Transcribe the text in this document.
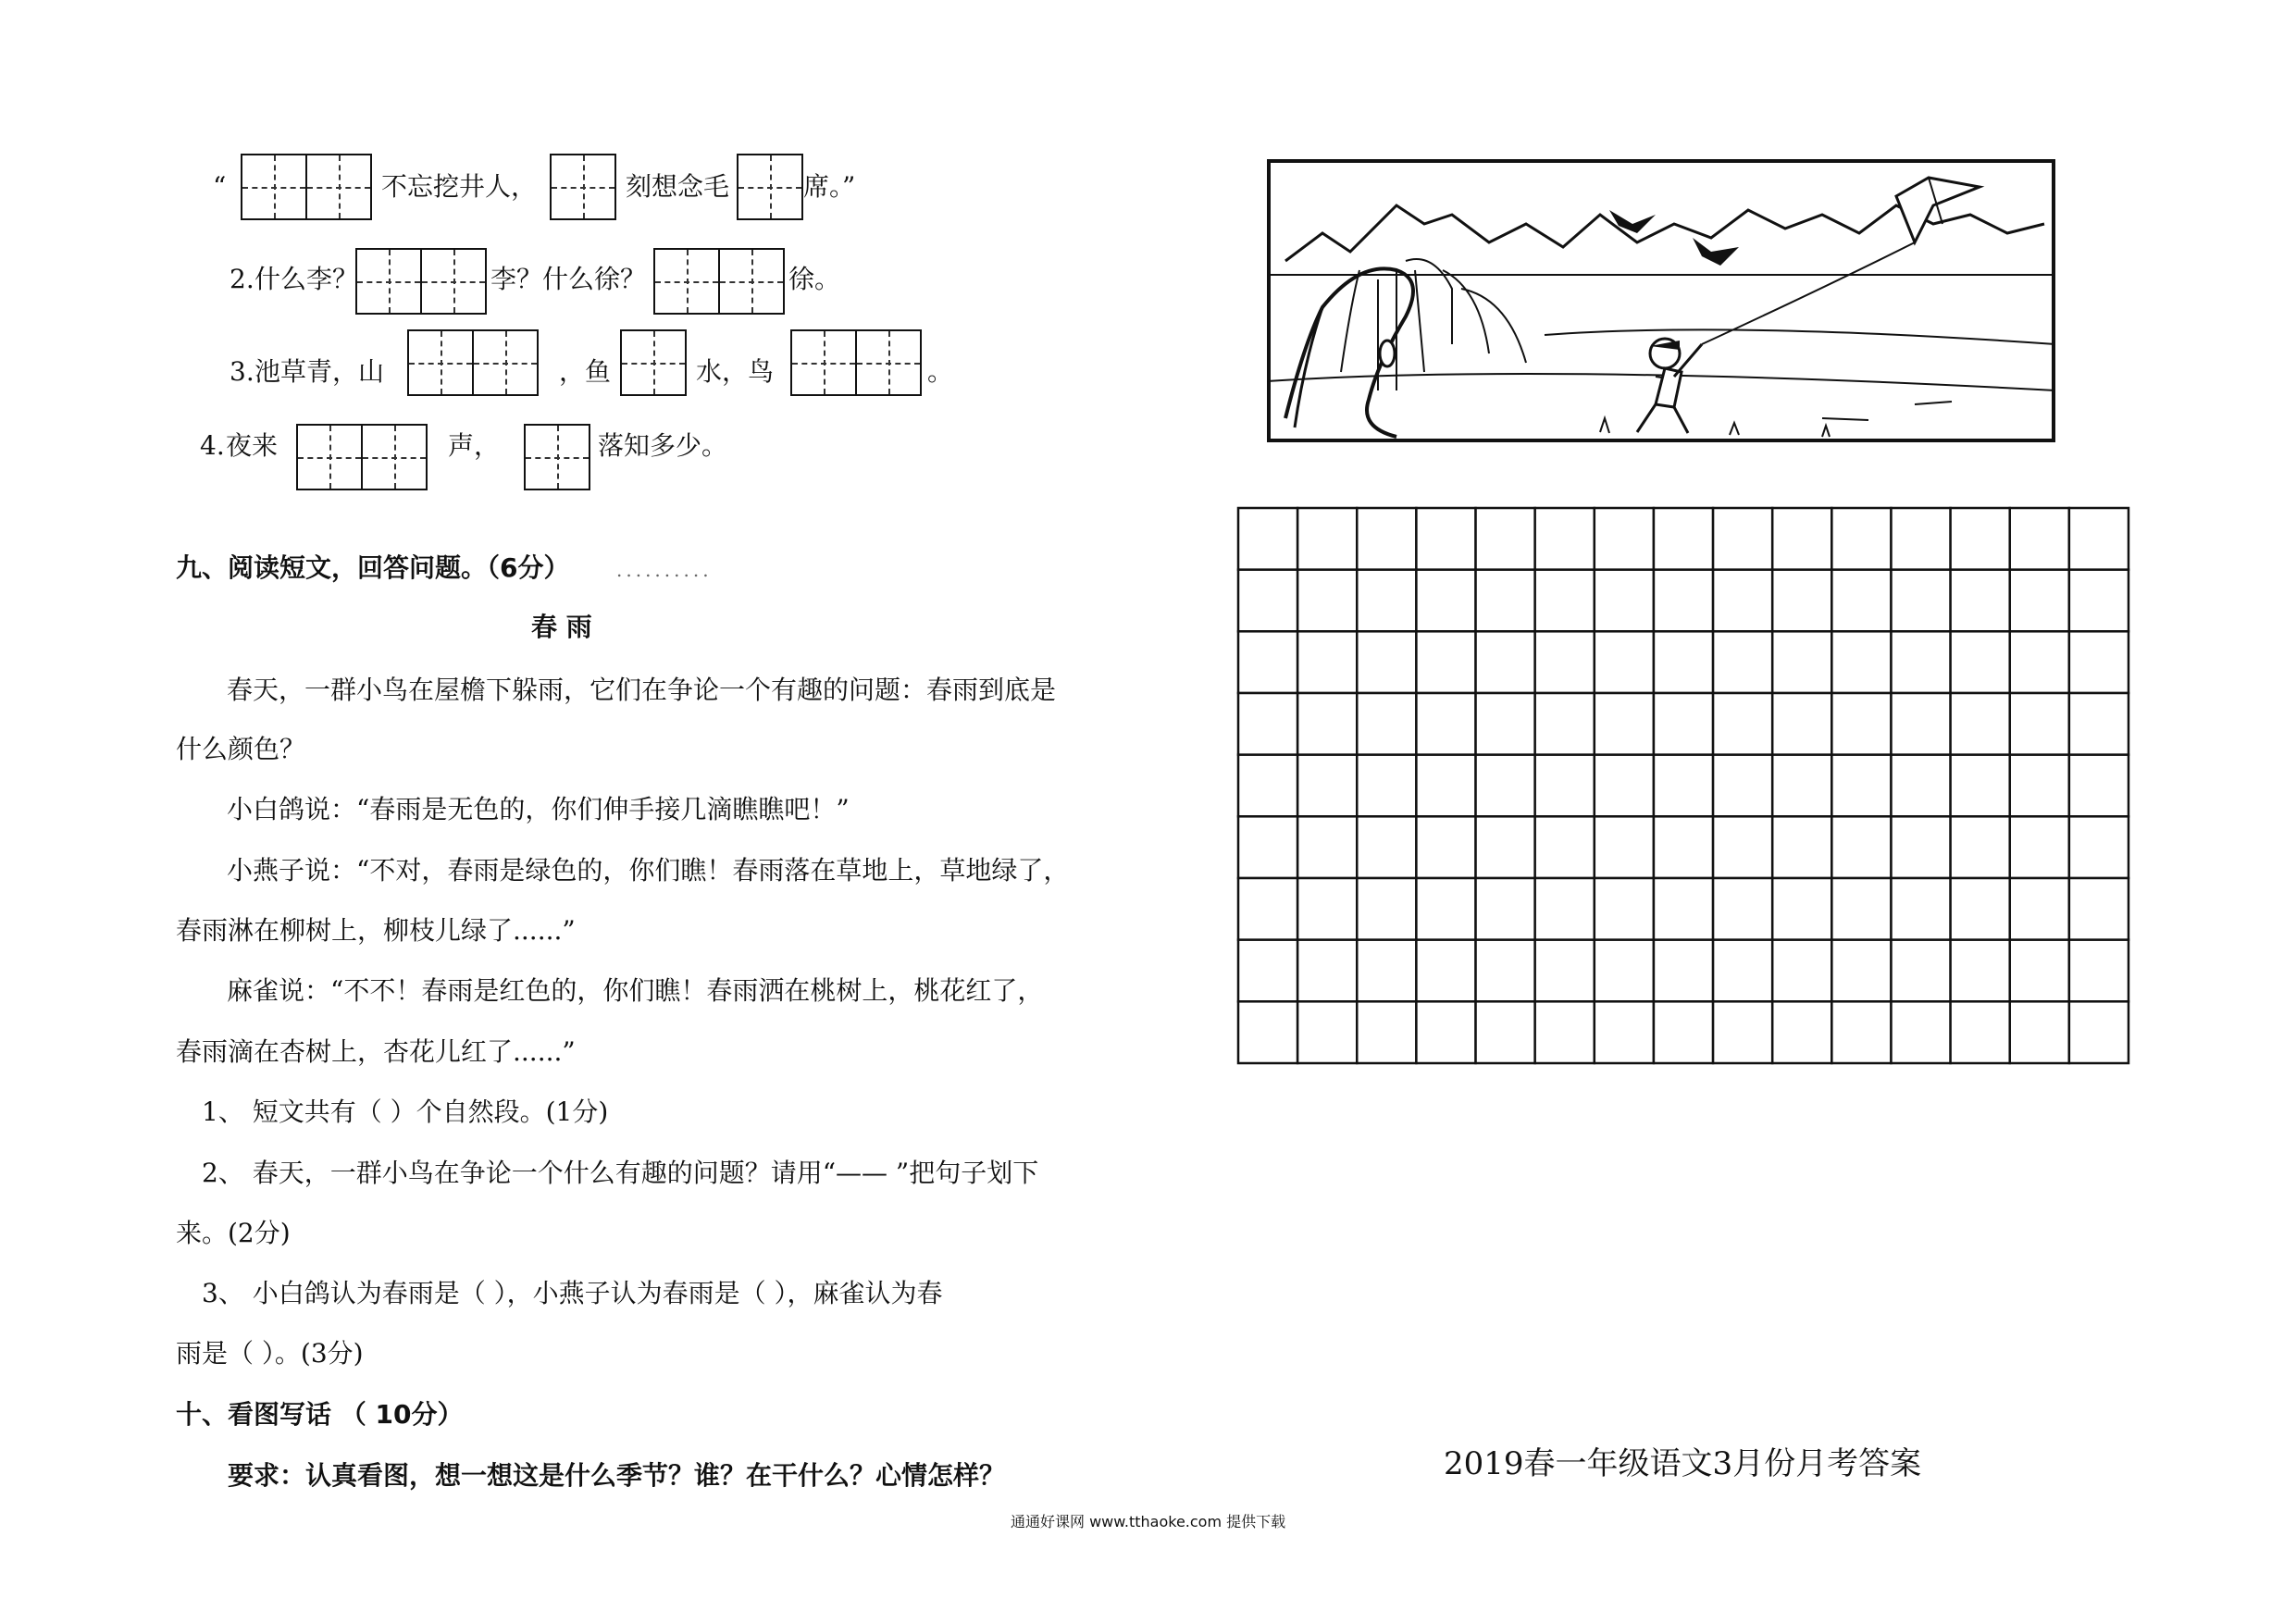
“	不忘挖井人，	刻想念毛	席。”
2. 什么李？	李？什么徐？	徐。
3. 池草青，山	，鱼	水，鸟	。
4. 夜来	声，	落知多少。
九、阅读短文，回答问题。（6分）	..........
春 雨
春天，一群小鸟在屋檐下躲雨，它们在争论一个有趣的问题：春雨到底是
什么颜色？
小白鸽说：“春雨是无色的，你们伸手接几滴瞧瞧吧！”
小燕子说：“不对，春雨是绿色的，你们瞧！春雨落在草地上，草地绿了，
春雨淋在柳树上，柳枝儿绿了......”
麻雀说：“不不！春雨是红色的，你们瞧！春雨洒在桃树上，桃花红了，
春雨滴在杏树上，杏花儿红了......”
1、 短文共有（ ）个自然段。(1分)
2、 春天，一群小鸟在争论一个什么有趣的问题？请用“—— ”把句子划下
来。(2分)
3、 小白鸽认为春雨是（ ），小燕子认为春雨是（ ），麻雀认为春
雨是（ ）。(3分)
十、看图写话 （ 10分）
要求：认真看图，想一想这是什么季节？谁？在干什么？心情怎样？	2019春一年级语文3月份月考答案
通通好课网 www.tthaoke.com 提供下载
